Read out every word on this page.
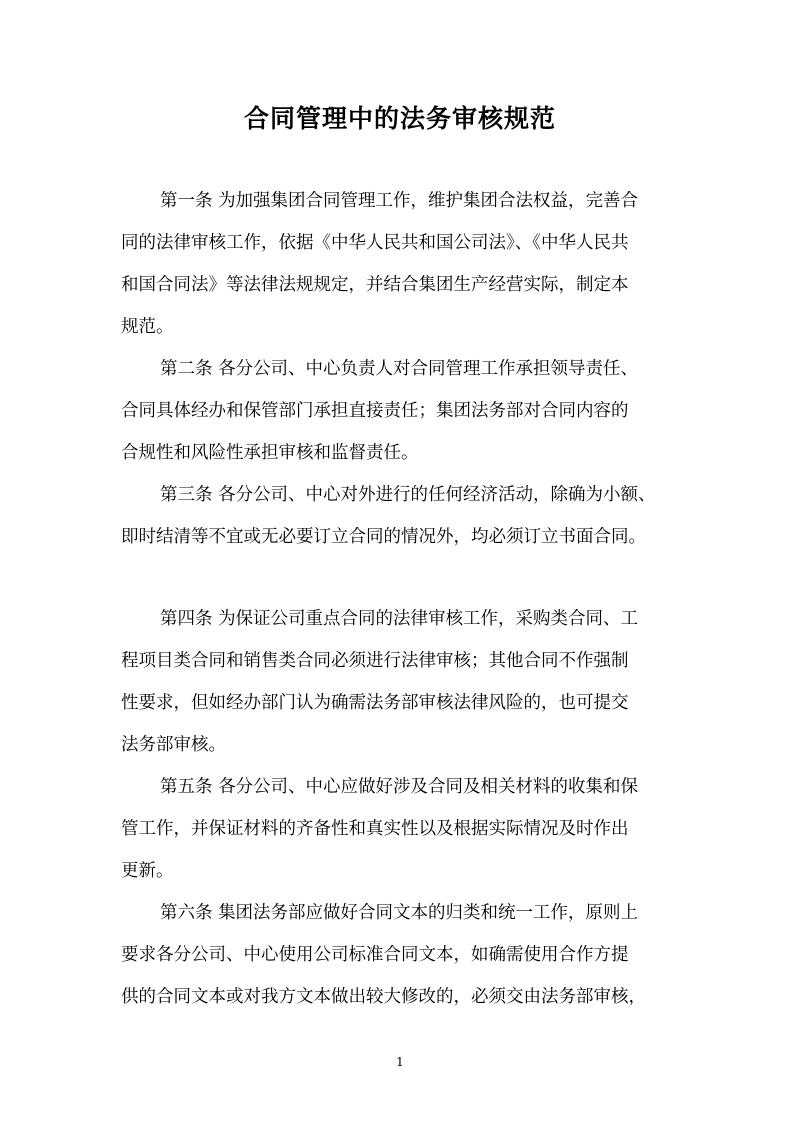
合同管理中的法务审核规范
第一条 为加强集团合同管理工作，维护集团合法权益，完善合
同的法律审核工作，依据《中华人民共和国公司法》、《中华人民共
和国合同法》等法律法规规定，并结合集团生产经营实际，制定本
规范。
第二条 各分公司、中心负责人对合同管理工作承担领导责任、
合同具体经办和保管部门承担直接责任；集团法务部对合同内容的
合规性和风险性承担审核和监督责任。
第三条 各分公司、中心对外进行的任何经济活动，除确为小额、
即时结清等不宜或无必要订立合同的情况外，均必须订立书面合同。
第四条 为保证公司重点合同的法律审核工作，采购类合同、工
程项目类合同和销售类合同必须进行法律审核；其他合同不作强制
性要求，但如经办部门认为确需法务部审核法律风险的，也可提交
法务部审核。
第五条 各分公司、中心应做好涉及合同及相关材料的收集和保
管工作，并保证材料的齐备性和真实性以及根据实际情况及时作出
更新。
第六条 集团法务部应做好合同文本的归类和统一工作，原则上
要求各分公司、中心使用公司标准合同文本，如确需使用合作方提
供的合同文本或对我方文本做出较大修改的，必须交由法务部审核，
1
